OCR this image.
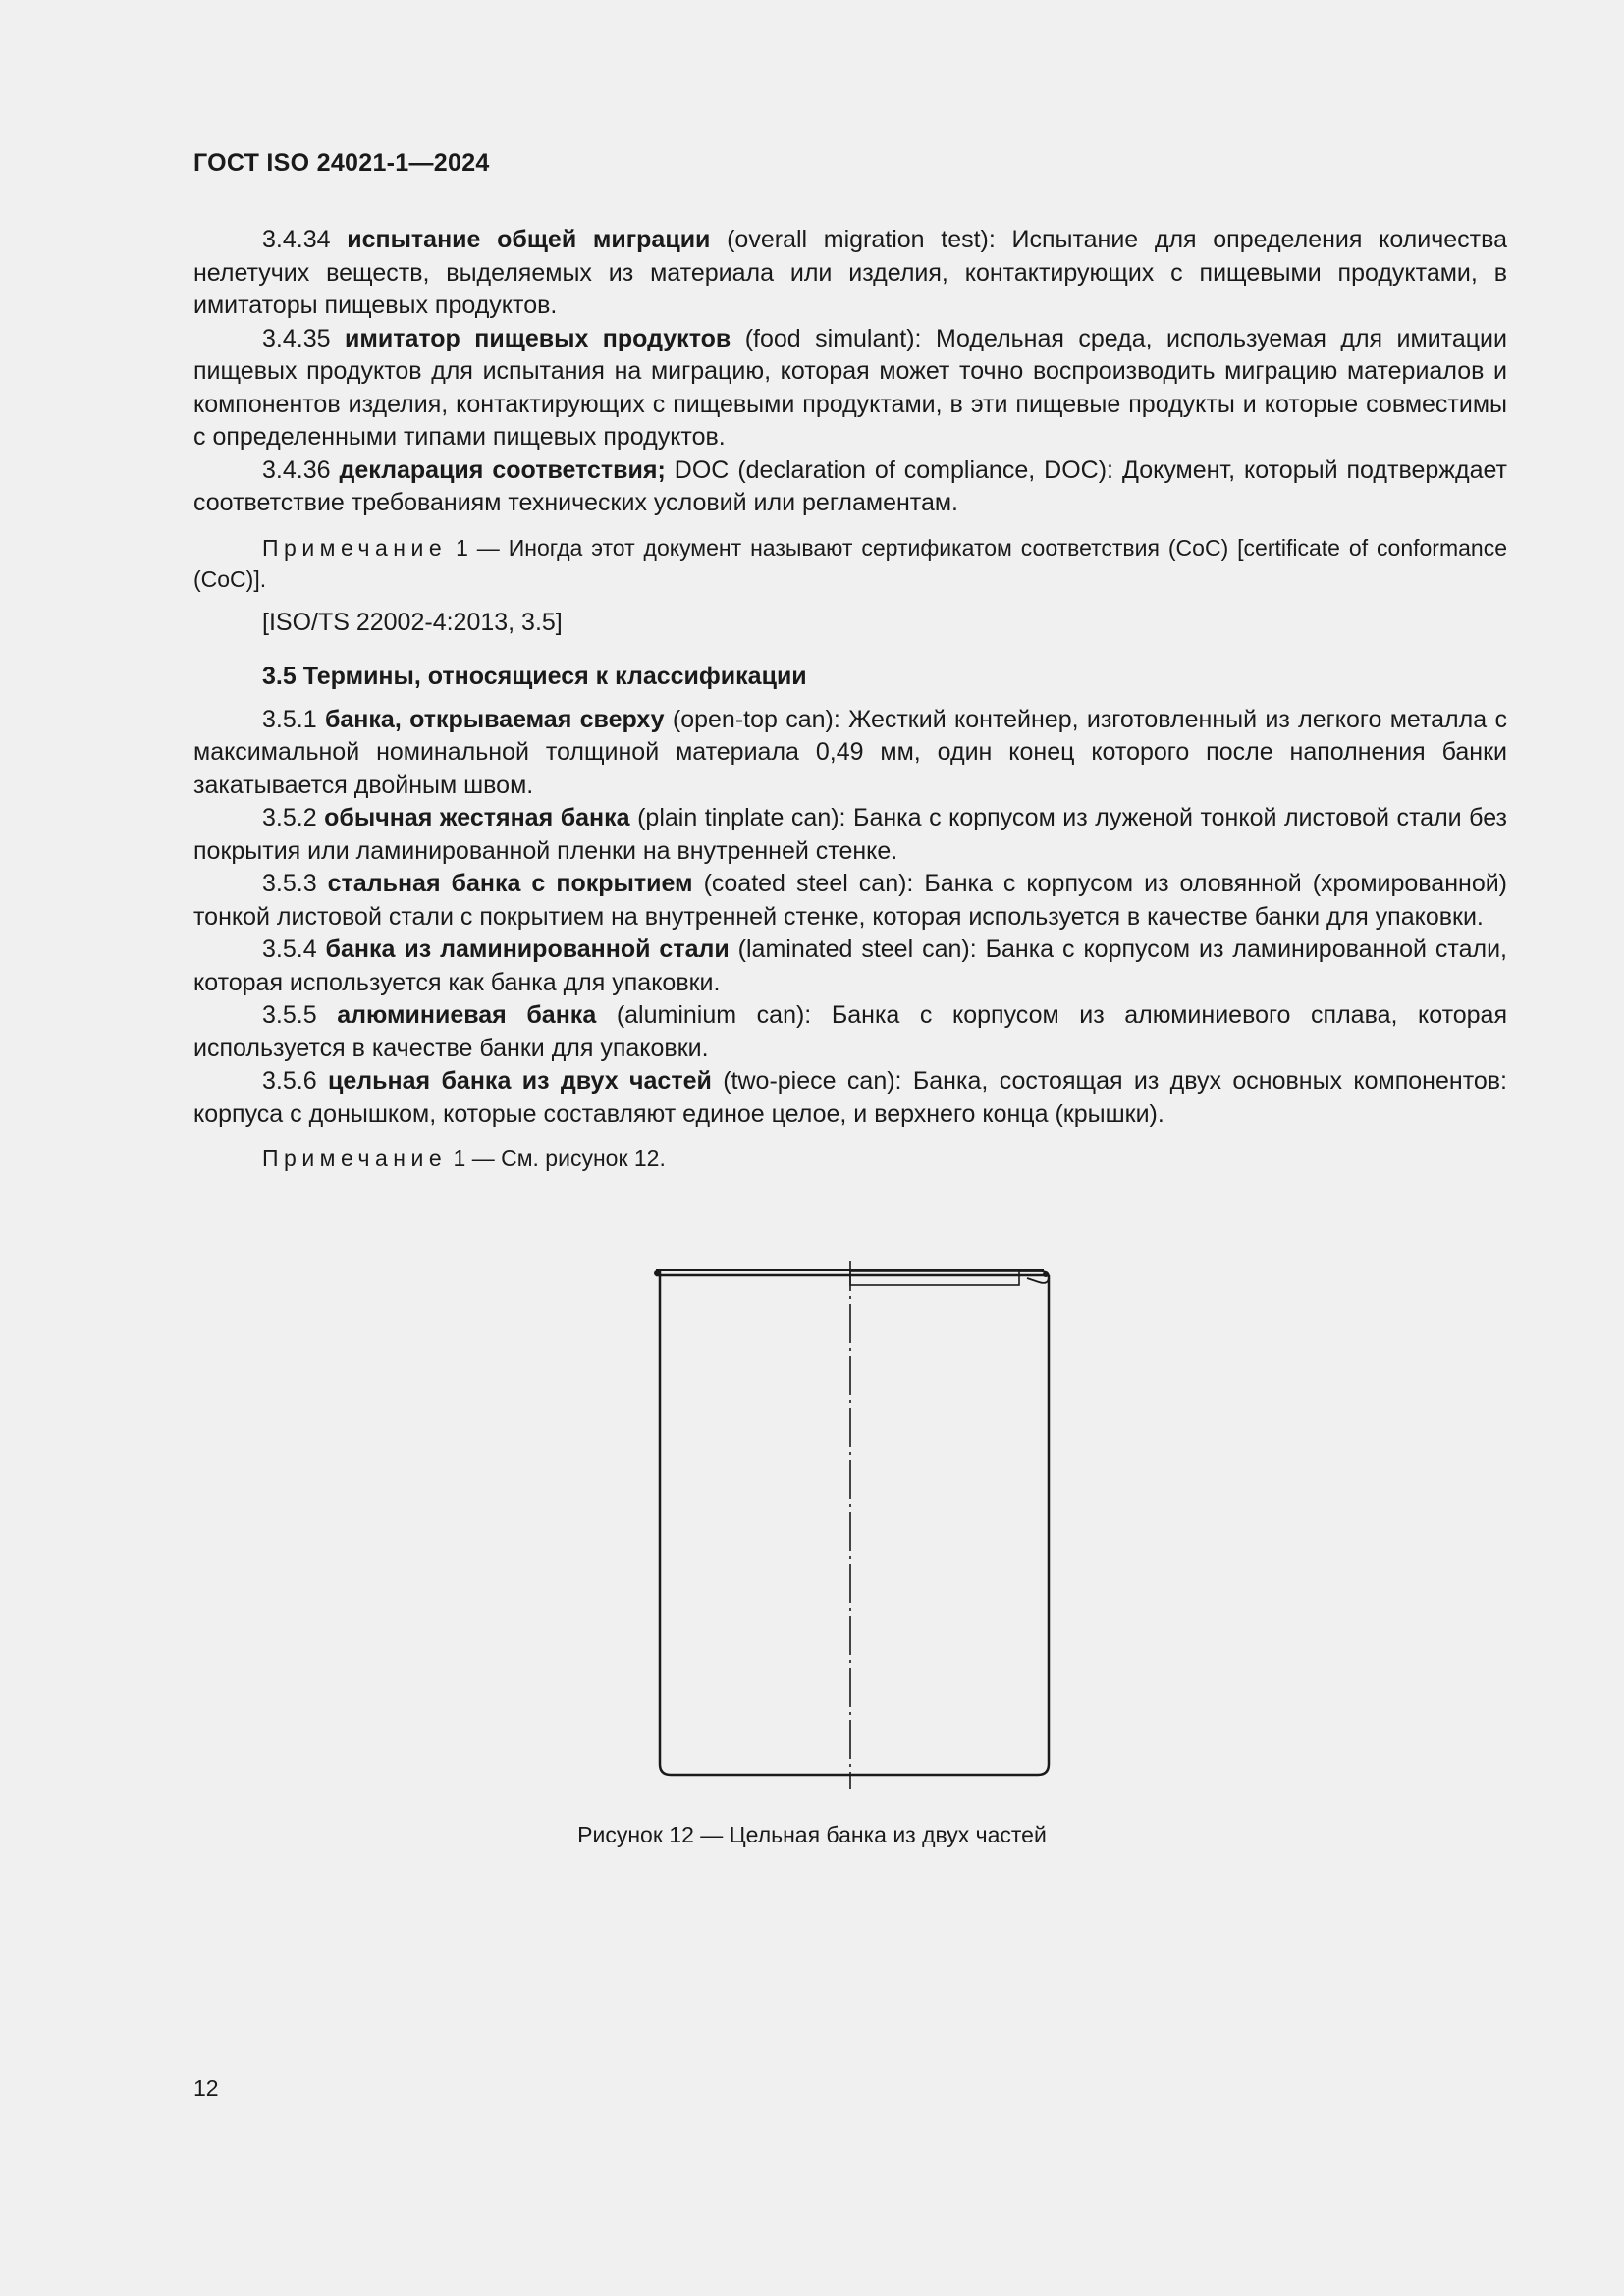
ГОСТ ISO 24021-1—2024

3.4.34 испытание общей миграции (overall migration test): Испытание для определения количества нелетучих веществ, выделяемых из материала или изделия, контактирующих с пищевыми продуктами, в имитаторы пищевых продуктов.

3.4.35 имитатор пищевых продуктов (food simulant): Модельная среда, используемая для имитации пищевых продуктов для испытания на миграцию, которая может точно воспроизводить миграцию материалов и компонентов изделия, контактирующих с пищевыми продуктами, в эти пищевые продукты и которые совместимы с определенными типами пищевых продуктов.

3.4.36 декларация соответствия; DOC (declaration of compliance, DOC): Документ, который подтверждает соответствие требованиям технических условий или регламентам.

Примечание 1 — Иногда этот документ называют сертификатом соответствия (CoC) [certificate of conformance (CoC)].

[ISO/TS 22002-4:2013, 3.5]
3.5 Термины, относящиеся к классификации

3.5.1 банка, открываемая сверху (open-top can): Жесткий контейнер, изготовленный из легкого металла с максимальной номинальной толщиной материала 0,49 мм, один конец которого после наполнения банки закатывается двойным швом.

3.5.2 обычная жестяная банка (plain tinplate can): Банка с корпусом из луженой тонкой листовой стали без покрытия или ламинированной пленки на внутренней стенке.

3.5.3 стальная банка с покрытием (coated steel can): Банка с корпусом из оловянной (хромированной) тонкой листовой стали с покрытием на внутренней стенке, которая используется в качестве банки для упаковки.

3.5.4 банка из ламинированной стали (laminated steel can): Банка с корпусом из ламинированной стали, которая используется как банка для упаковки.

3.5.5 алюминиевая банка (aluminium can): Банка с корпусом из алюминиевого сплава, которая используется в качестве банки для упаковки.

3.5.6 цельная банка из двух частей (two-piece can): Банка, состоящая из двух основных компонентов: корпуса с донышком, которые составляют единое целое, и верхнего конца (крышки).

Примечание 1 — См. рисунок 12.

Рисунок 12 — Цельная банка из двух частей
12
